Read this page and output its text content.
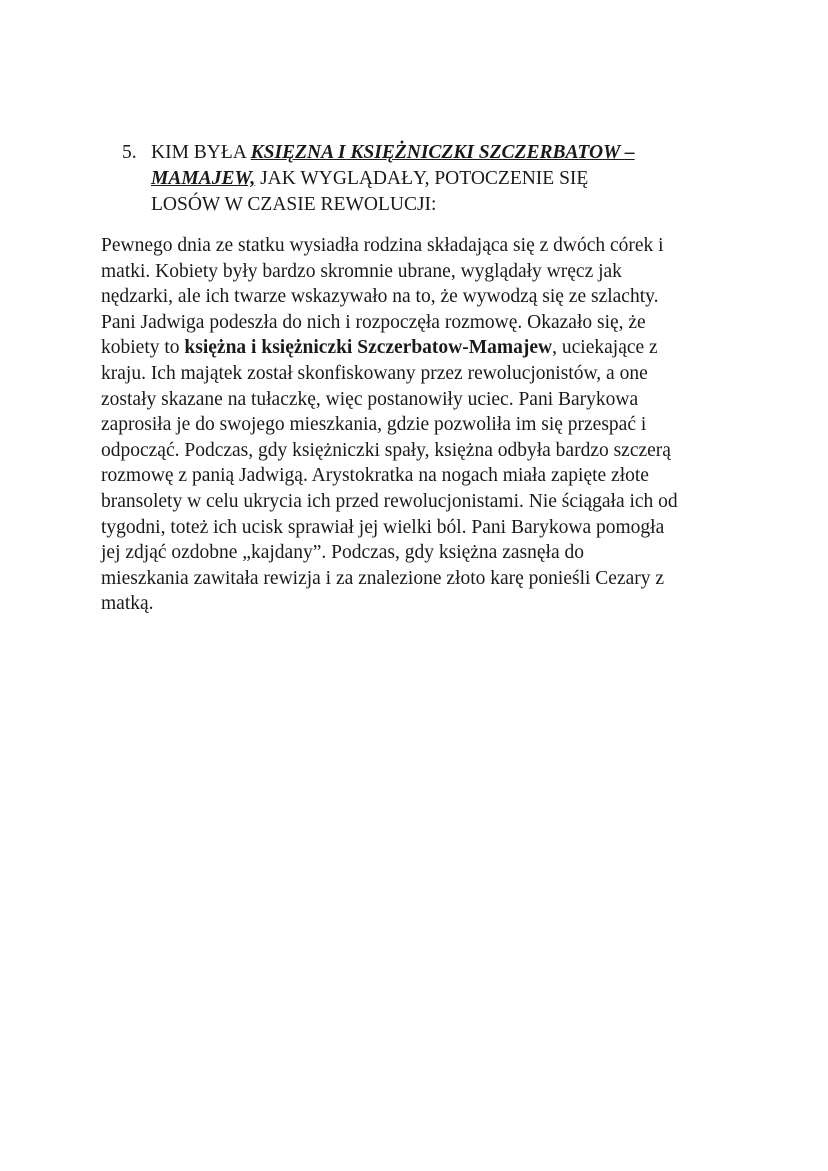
5. KIM BYŁA KSIĘZNA I KSIĘŻNICZKI SZCZERBATOW –
MAMAJEW, JAK WYGLĄDAŁY, POTOCZENIE SIĘ
LOSÓW W CZASIE REWOLUCJI:
Pewnego dnia ze statku wysiadła rodzina składająca się z dwóch córek i
matki. Kobiety były bardzo skromnie ubrane, wyglądały wręcz jak
nędzarki, ale ich twarze wskazywało na to, że wywodzą się ze szlachty.
Pani Jadwiga podeszła do nich i rozpoczęła rozmowę. Okazało się, że
kobiety to księżna i księżniczki Szczerbatow-Mamajew, uciekające z
kraju. Ich majątek został skonfiskowany przez rewolucjonistów, a one
zostały skazane na tułaczkę, więc postanowiły uciec. Pani Barykowa
zaprosiła je do swojego mieszkania, gdzie pozwoliła im się przespać i
odpocząć. Podczas, gdy księżniczki spały, księżna odbyła bardzo szczerą
rozmowę z panią Jadwigą. Arystokratka na nogach miała zapięte złote
bransolety w celu ukrycia ich przed rewolucjonistami. Nie ściągała ich od
tygodni, toteż ich ucisk sprawiał jej wielki ból. Pani Barykowa pomogła
jej zdjąć ozdobne „kajdany”. Podczas, gdy księżna zasnęła do
mieszkania zawitała rewizja i za znalezione złoto karę ponieśli Cezary z
matką.
